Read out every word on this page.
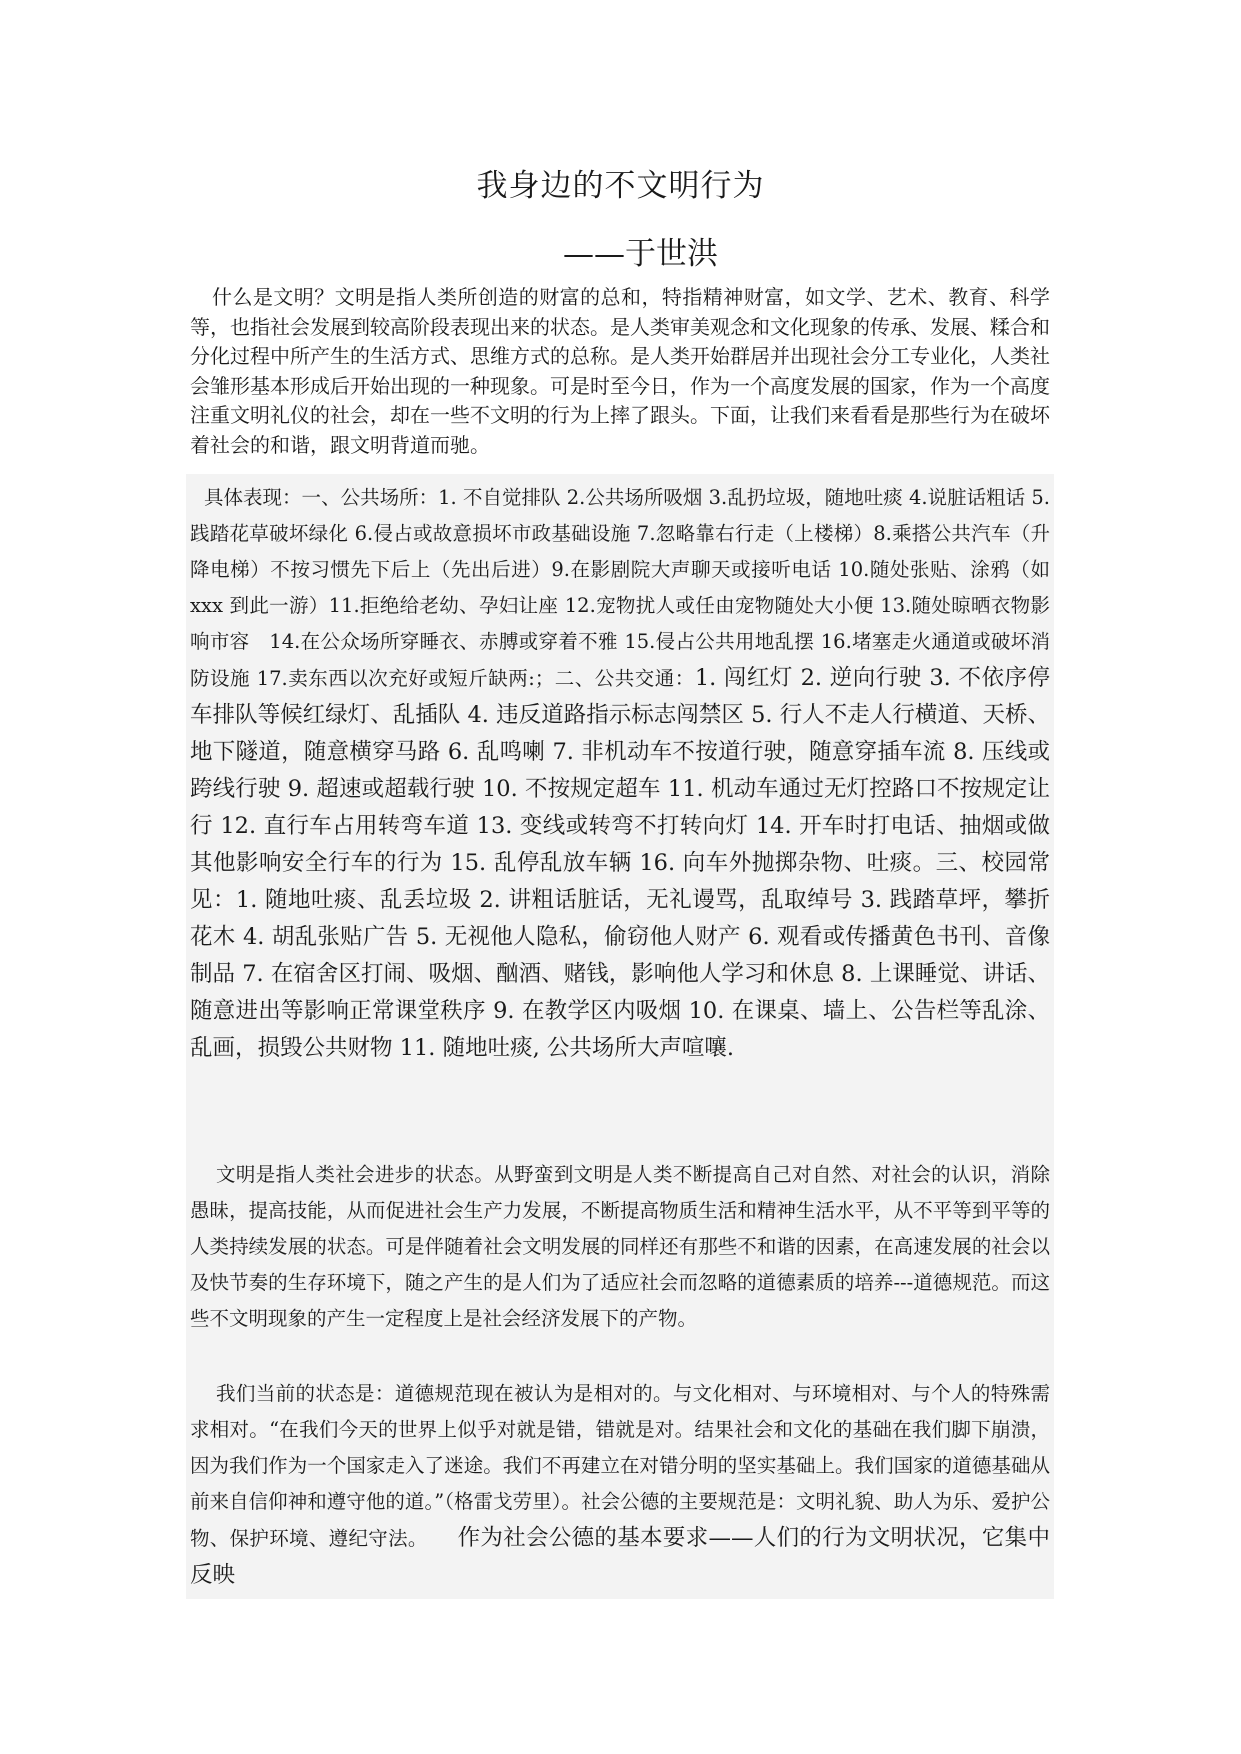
我身边的不文明行为
——于世洪
什么是文明？文明是指人类所创造的财富的总和，特指精神财富，如文学、艺术、教育、科学等，也指社会发展到较高阶段表现出来的状态。是人类审美观念和文化现象的传承、发展、糅合和分化过程中所产生的生活方式、思维方式的总称。是人类开始群居并出现社会分工专业化，人类社会雏形基本形成后开始出现的一种现象。可是时至今日，作为一个高度发展的国家，作为一个高度注重文明礼仪的社会，却在一些不文明的行为上摔了跟头。下面，让我们来看看是那些行为在破坏着社会的和谐，跟文明背道而驰。
具体表现：一、公共场所：1. 不自觉排队 2.公共场所吸烟 3.乱扔垃圾，随地吐痰 4.说脏话粗话 5.践踏花草破坏绿化 6.侵占或故意损坏市政基础设施 7.忽略靠右行走（上楼梯）8.乘搭公共汽车（升降电梯）不按习惯先下后上（先出后进）9.在影剧院大声聊天或接听电话 10.随处张贴、涂鸦（如 xxx 到此一游）11.拒绝给老幼、孕妇让座 12.宠物扰人或任由宠物随处大小便 13.随处晾晒衣物影响市容　14.在公众场所穿睡衣、赤膊或穿着不雅 15.侵占公共用地乱摆 16.堵塞走火通道或破坏消防设施 17.卖东西以次充好或短斤缺两:；二、公共交通：1. 闯红灯 2. 逆向行驶 3. 不依序停车排队等候红绿灯、乱插队 4. 违反道路指示标志闯禁区 5. 行人不走人行横道、天桥、地下隧道，随意横穿马路 6. 乱鸣喇 7. 非机动车不按道行驶，随意穿插车流 8. 压线或跨线行驶 9. 超速或超载行驶 10. 不按规定超车 11. 机动车通过无灯控路口不按规定让行 12. 直行车占用转弯车道 13. 变线或转弯不打转向灯 14. 开车时打电话、抽烟或做其他影响安全行车的行为 15. 乱停乱放车辆 16. 向车外抛掷杂物、吐痰。三、校园常见：1. 随地吐痰、乱丢垃圾 2. 讲粗话脏话，无礼谩骂，乱取绰号 3. 践踏草坪，攀折花木 4. 胡乱张贴广告 5. 无视他人隐私，偷窃他人财产 6. 观看或传播黄色书刊、音像制品 7. 在宿舍区打闹、吸烟、酗酒、赌钱，影响他人学习和休息 8. 上课睡觉、讲话、随意进出等影响正常课堂秩序 9. 在教学区内吸烟 10. 在课桌、墙上、公告栏等乱涂、乱画，损毁公共财物 11. 随地吐痰, 公共场所大声喧嚷.
文明是指人类社会进步的状态。从野蛮到文明是人类不断提高自己对自然、对社会的认识，消除愚昧，提高技能，从而促进社会生产力发展，不断提高物质生活和精神生活水平，从不平等到平等的人类持续发展的状态。可是伴随着社会文明发展的同样还有那些不和谐的因素，在高速发展的社会以及快节奏的生存环境下，随之产生的是人们为了适应社会而忽略的道德素质的培养---道德规范。而这些不文明现象的产生一定程度上是社会经济发展下的产物。
我们当前的状态是：道德规范现在被认为是相对的。与文化相对、与环境相对、与个人的特殊需求相对。“在我们今天的世界上似乎对就是错，错就是对。结果社会和文化的基础在我们脚下崩溃，因为我们作为一个国家走入了迷途。我们不再建立在对错分明的坚实基础上。我们国家的道德基础从前来自信仰神和遵守他的道。”（格雷戈劳里）。社会公德的主要规范是：文明礼貌、助人为乐、爱护公物、保护环境、遵纪守法。　　 作为社会公德的基本要求——人们的行为文明状况，它集中反映
